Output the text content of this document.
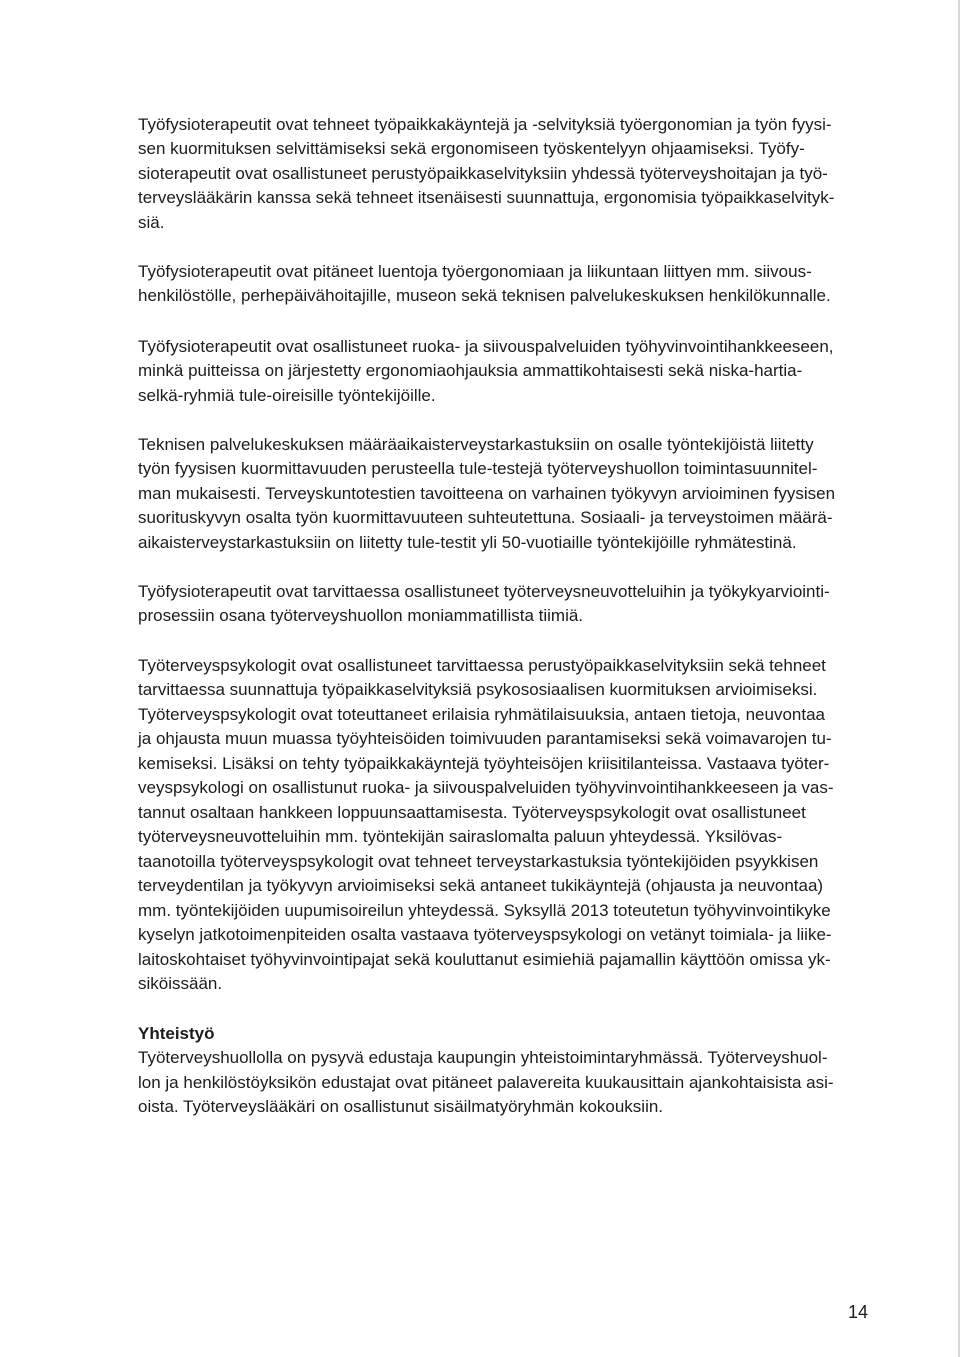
Työfysioterapeutit ovat tehneet työpaikkakäyntejä ja -selvityksiä työergonomian ja työn fyysi-
sen kuormituksen selvittämiseksi sekä ergonomiseen työskentelyyn ohjaamiseksi. Työfy-
sioterapeutit ovat osallistuneet perustyöpaikkaselvityksiin yhdessä työterveyshoitajan ja työ-
terveyslääkärin kanssa sekä tehneet itsenäisesti suunnattuja, ergonomisia työpaikkaselvityk-
siä.
Työfysioterapeutit ovat pitäneet luentoja työergonomiaan ja liikuntaan liittyen mm. siivous-
henkilöstölle, perhepäivähoitajille, museon sekä teknisen palvelukeskuksen henkilökunnalle.
Työfysioterapeutit ovat osallistuneet ruoka- ja siivouspalveluiden työhyvinvointihankkeeseen,
minkä puitteissa on järjestetty ergonomiaohjauksia ammattikohtaisesti sekä niska-hartia-
selkä-ryhmiä tule-oireisille työntekijöille.
Teknisen palvelukeskuksen määräaikaisterveystarkastuksiin on osalle työntekijöistä liitetty
työn fyysisen kuormittavuuden perusteella tule-testejä työterveyshuollon toimintasuunnitel-
man mukaisesti. Terveyskuntotestien tavoitteena on varhainen työkyvyn arvioiminen fyysisen
suorituskyvyn osalta työn kuormittavuuteen suhteutettuna. Sosiaali- ja terveystoimen määrä-
aikaisterveystarkastuksiin on liitetty tule-testit yli 50-vuotiaille työntekijöille ryhmätestinä.
Työfysioterapeutit ovat tarvittaessa osallistuneet työterveysneuvotteluihin ja työkykyarviointi-
prosessiin osana työterveyshuollon moniammatillista tiimiä.
Työterveyspsykologit ovat osallistuneet tarvittaessa perustyöpaikkaselvityksiin sekä tehneet
tarvittaessa suunnattuja työpaikkaselvityksiä psykososiaalisen kuormituksen arvioimiseksi.
Työterveyspsykologit ovat toteuttaneet erilaisia ryhmätilaisuuksia, antaen tietoja, neuvontaa
ja ohjausta muun muassa työyhteisöiden toimivuuden parantamiseksi sekä voimavarojen tu-
kemiseksi. Lisäksi on tehty työpaikkakäyntejä työyhteisöjen kriisitilanteissa. Vastaava työter-
veyspsykologi on osallistunut ruoka- ja siivouspalveluiden työhyvinvointihankkeeseen ja vas-
tannut osaltaan hankkeen loppuunsaattamisesta. Työterveyspsykologit ovat osallistuneet
työterveysneuvotteluihin mm. työntekijän sairaslomalta paluun yhteydessä. Yksilövas-
taanotoilla työterveyspsykologit ovat tehneet terveystarkastuksia työntekijöiden psyykkisen
terveydentilan ja työkyvyn arvioimiseksi sekä antaneet tukikäyntejä (ohjausta ja neuvontaa)
mm. työntekijöiden uupumisoireilun yhteydessä. Syksyllä 2013 toteutetun työhyvinvointikyke
kyselyn jatkotoimenpiteiden osalta vastaava työterveyspsykologi on vetänyt toimiala- ja liike-
laitoskohtaiset työhyvinvointipajat sekä kouluttanut esimiehiä pajamallin käyttöön omissa yk-
siköissään.
Yhteistyö
Työterveyshuollolla on pysyvä edustaja kaupungin yhteistoimintaryhmässä. Työterveyshuol-
lon ja henkilöstöyksikön edustajat ovat pitäneet palavereita kuukausittain ajankohtaisista asi-
oista. Työterveyslääkäri on osallistunut sisäilmatyöryhmän kokouksiin.
14
